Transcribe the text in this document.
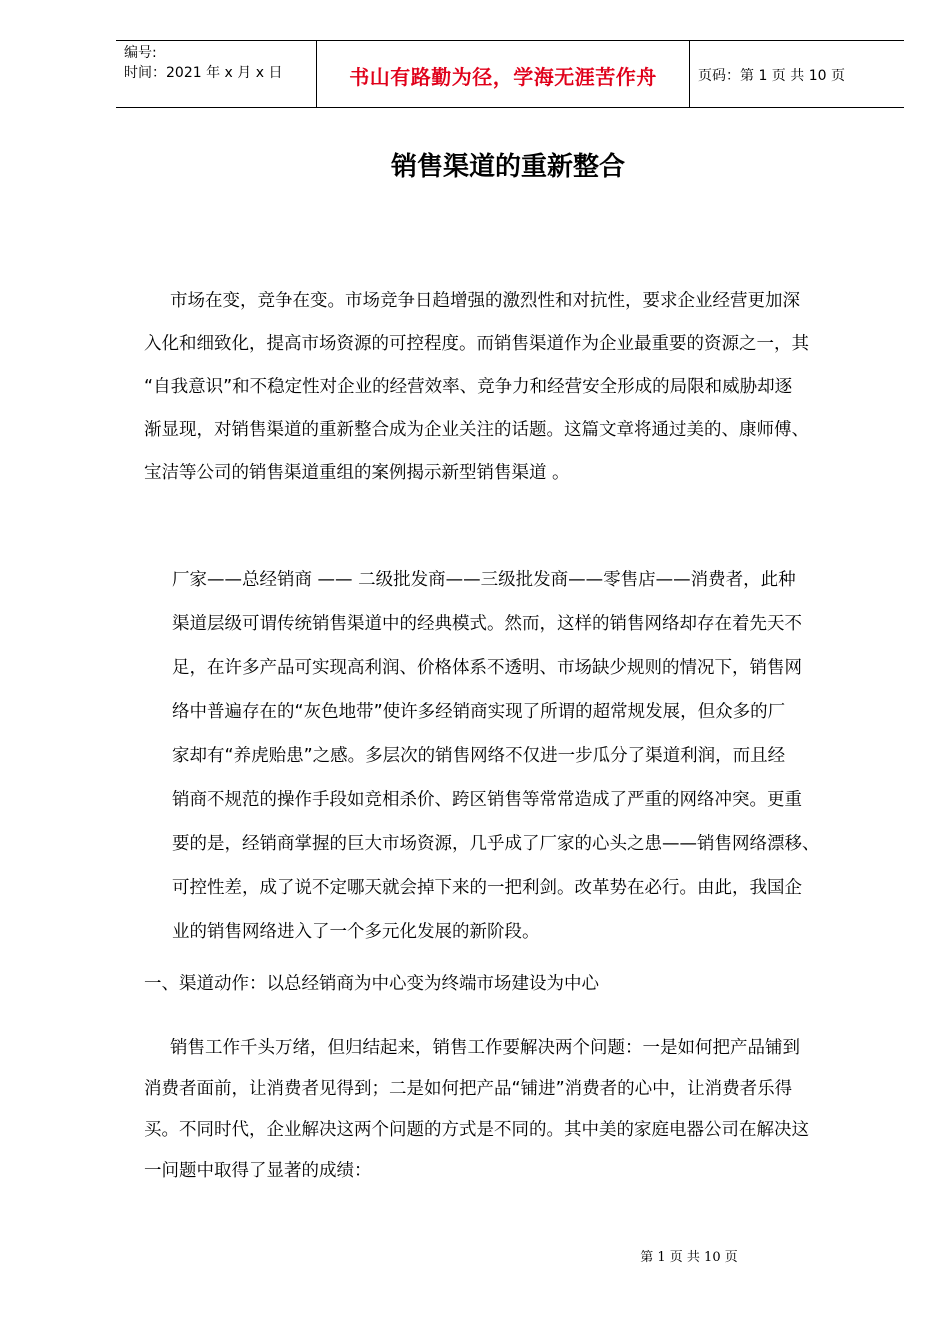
编号:
时间：2021 年 x 月 x 日	书山有路勤为径，学海无涯苦作舟	页码：第 1 页 共 10 页
销售渠道的重新整合
市场在变，竞争在变。市场竞争日趋增强的激烈性和对抗性，要求企业经营更加深
入化和细致化，提高市场资源的可控程度。而销售渠道作为企业最重要的资源之一，其
“自我意识”和不稳定性对企业的经营效率、竞争力和经营安全形成的局限和威胁却逐
渐显现，对销售渠道的重新整合成为企业关注的话题。这篇文章将通过美的、康师傅、
宝洁等公司的销售渠道重组的案例揭示新型销售渠道 。
厂家——总经销商 —— 二级批发商——三级批发商——零售店——消费者，此种
渠道层级可谓传统销售渠道中的经典模式。然而，这样的销售网络却存在着先天不
足，在许多产品可实现高利润、价格体系不透明、市场缺少规则的情况下，销售网
络中普遍存在的“灰色地带”使许多经销商实现了所谓的超常规发展，但众多的厂
家却有“养虎贻患”之感。多层次的销售网络不仅进一步瓜分了渠道利润，而且经
销商不规范的操作手段如竞相杀价、跨区销售等常常造成了严重的网络冲突。更重
要的是，经销商掌握的巨大市场资源，几乎成了厂家的心头之患——销售网络漂移、
可控性差，成了说不定哪天就会掉下来的一把利剑。改革势在必行。由此，我国企
业的销售网络进入了一个多元化发展的新阶段。
一、渠道动作：以总经销商为中心变为终端市场建设为中心
销售工作千头万绪，但归结起来，销售工作要解决两个问题：一是如何把产品铺到
消费者面前，让消费者见得到；二是如何把产品“铺进”消费者的心中，让消费者乐得
买。不同时代，企业解决这两个问题的方式是不同的。其中美的家庭电器公司在解决这
一问题中取得了显著的成绩：
第 1 页 共 10 页
